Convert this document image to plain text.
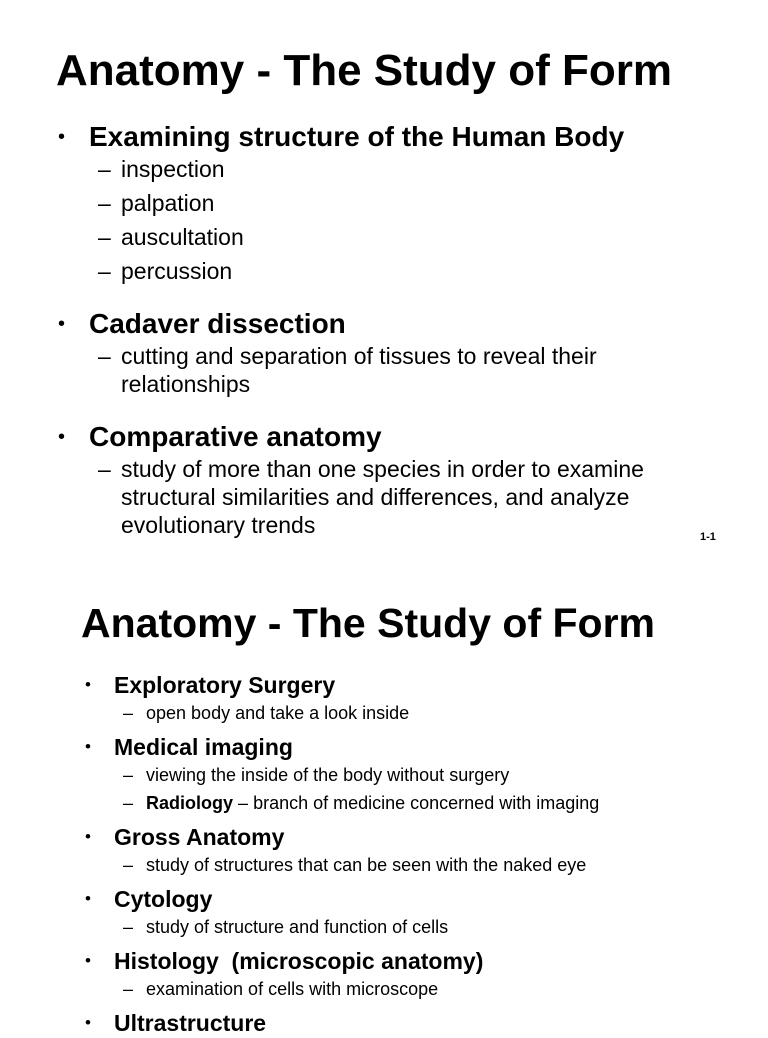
Anatomy - The Study of Form
• Examining structure of the Human Body
– inspection
– palpation
– auscultation
– percussion
• Cadaver dissection
– cutting and separation of tissues to reveal their relationships
• Comparative anatomy
– study of more than one species in order to examine structural similarities and differences, and analyze evolutionary trends	1-1
Anatomy - The Study of Form
• Exploratory Surgery
– open body and take a look inside
• Medical imaging
– viewing the inside of the body without surgery
– Radiology – branch of medicine concerned with imaging
• Gross Anatomy
– study of structures that can be seen with the naked eye
• Cytology
– study of structure and function of cells
• Histology  (microscopic anatomy)
– examination of cells with microscope
• Ultrastructure
